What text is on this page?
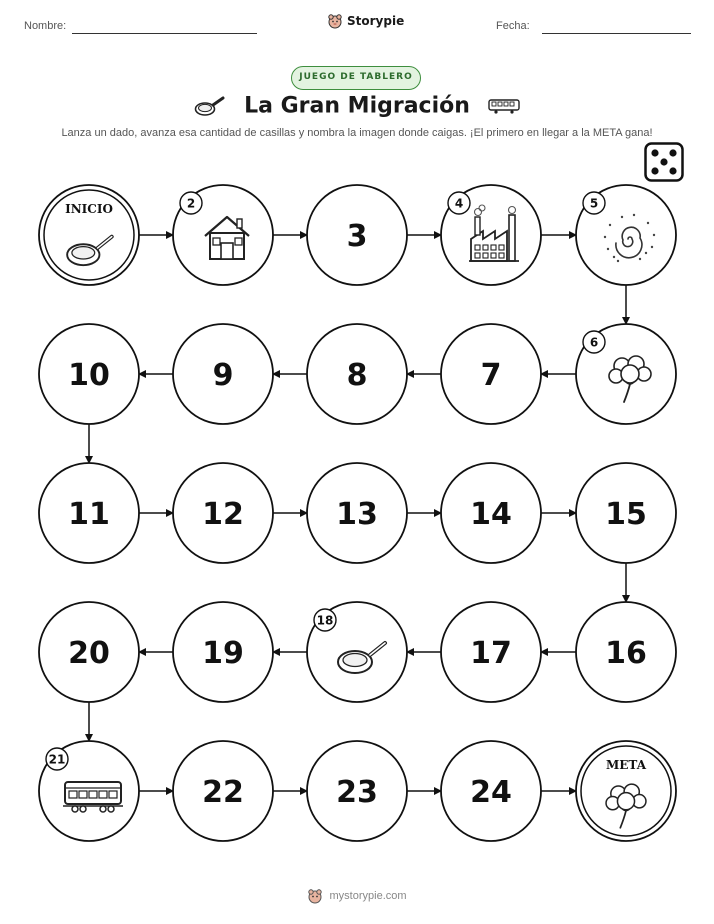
Nombre:	Storypie	Fecha:
JUEGO DE TABLERO
La Gran Migración
Lanza un dado, avanza esa cantidad de casillas y nombra la imagen donde caigas. ¡El primero en llegar a la META gana!
INICIO	2
3
4	5
6
7
8
9
10
11	12	13	14	15
16
17
18
19
20
21
22	23	24
META
mystorypie.com
